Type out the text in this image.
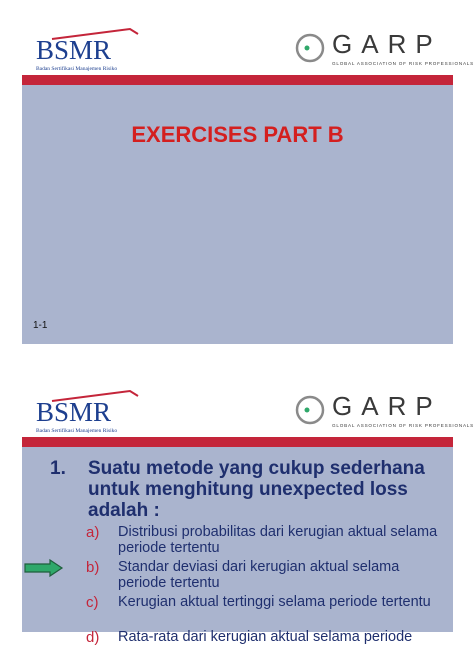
BSMR
Badan Sertifikasi Manajemen Risiko
GARP
GLOBAL ASSOCIATION OF RISK PROFESSIONALS
EXERCISES PART B
1-1
BSMR
Badan Sertifikasi Manajemen Risiko
GARP
GLOBAL ASSOCIATION OF RISK PROFESSIONALS
1. Suatu metode yang cukup sederhana untuk menghitung unexpected loss adalah :
a) Distribusi probabilitas dari kerugian aktual selama periode tertentu
b) Standar deviasi dari kerugian aktual selama periode tertentu
c) Kerugian aktual tertinggi selama periode tertentu
d) Rata-rata dari kerugian aktual selama periode
